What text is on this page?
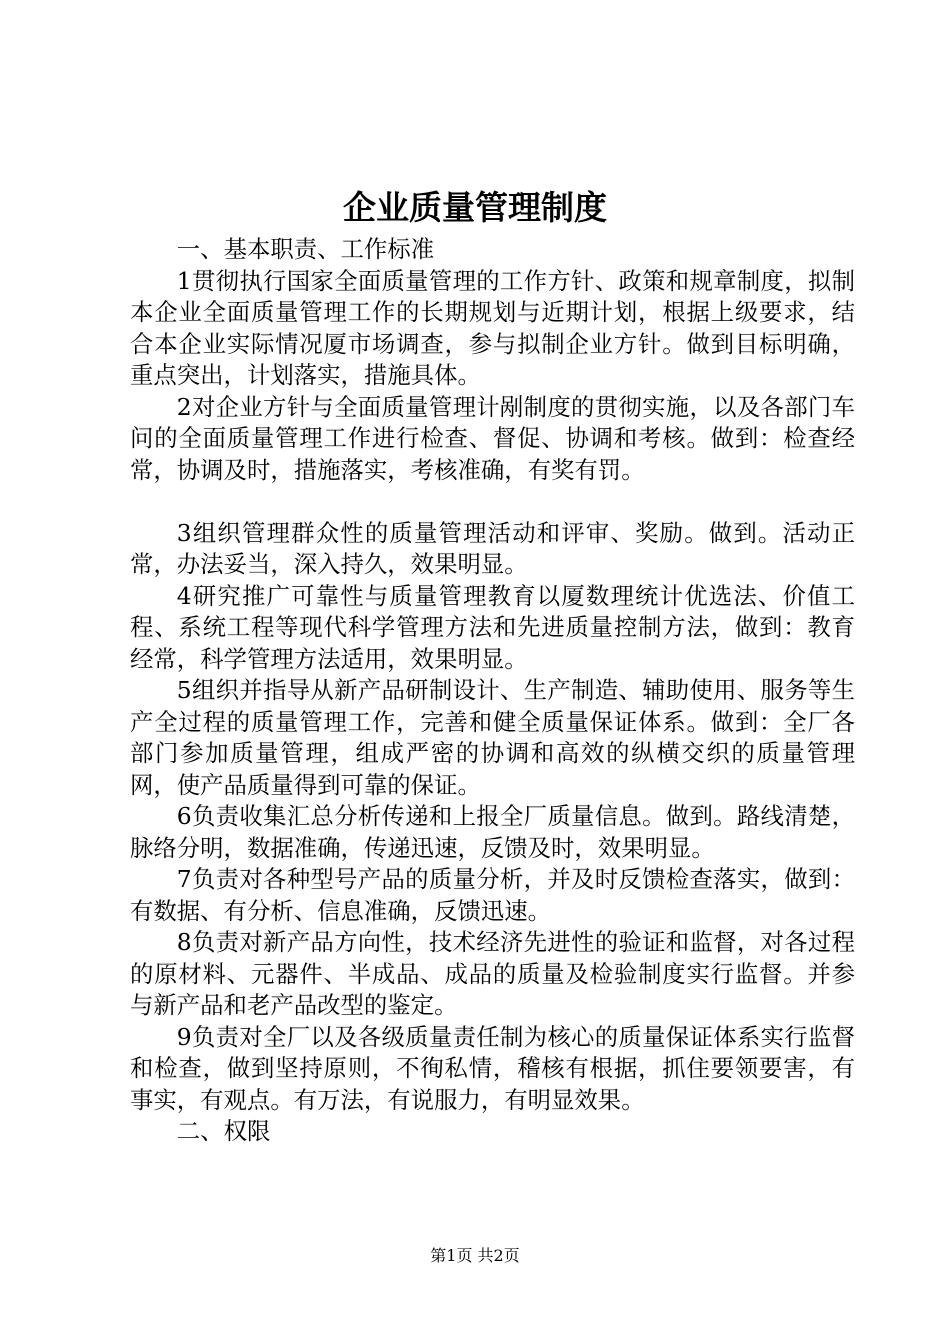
企业质量管理制度

一、基本职责、工作标准

1贯彻执行国家全面质量管理的工作方针、政策和规章制度，拟制本企业全面质量管理工作的长期规划与近期计划，根据上级要求，结合本企业实际情况厦市场调查，参与拟制企业方针。做到目标明确，重点突出，计划落实，措施具体。

2对企业方针与全面质量管理计剐制度的贯彻实施，以及各部门车问的全面质量管理工作进行检查、督促、协调和考核。做到：检查经常，协调及时，措施落实，考核准确，有奖有罚。

3组织管理群众性的质量管理活动和评审、奖励。做到。活动正常，办法妥当，深入持久，效果明显。

4研究推广可靠性与质量管理教育以厦数理统计优选法、价值工程、系统工程等现代科学管理方法和先进质量控制方法，做到：教育经常，科学管理方法适用，效果明显。

5组织并指导从新产品研制设计、生产制造、辅助使用、服务等生产全过程的质量管理工作，完善和健全质量保证体系。做到：全厂各部门参加质量管理，组成严密的协调和高效的纵横交织的质量管理网，使产品质量得到可靠的保证。

6负责收集汇总分析传递和上报全厂质量信息。做到。路线清楚，脉络分明，数据准确，传递迅速，反馈及时，效果明显。

7负责对各种型号产品的质量分析，并及时反馈检查落实，做到：有数据、有分析、信息准确，反馈迅速。

8负责对新产品方向性，技术经济先进性的验证和监督，对各过程的原材料、元器件、半成品、成品的质量及检验制度实行监督。并参与新产品和老产品改型的鉴定。

9负责对全厂以及各级质量责任制为核心的质量保证体系实行监督和检查，做到坚持原则，不徇私情，稽核有根据，抓住要领要害，有事实，有观点。有万法，有说服力，有明显效果。

二、权限

第1页 共2页
